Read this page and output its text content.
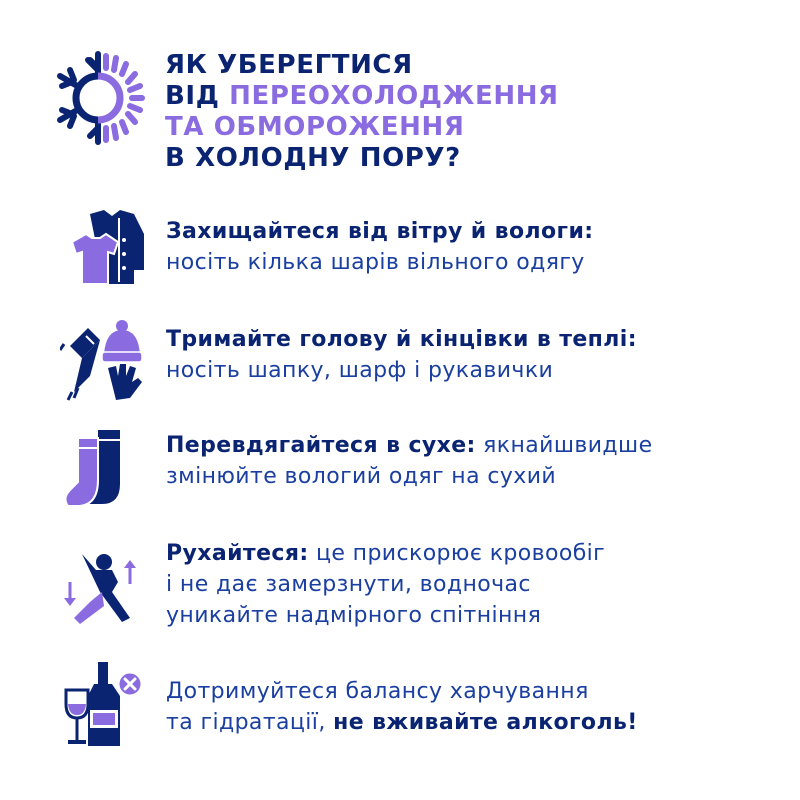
ЯК УБЕРЕГТИСЯ
ВІД ПЕРЕОХОЛОДЖЕННЯ
ТА ОБМОРОЖЕННЯ
В ХОЛОДНУ ПОРУ?

Захищайтеся від вітру й вологи:
носіть кілька шарів вільного одягу

Тримайте голову й кінцівки в теплі:
носіть шапку, шарф і рукавички

Перевдягайтеся в сухе: якнайшвидше
змінюйте вологий одяг на сухий

Рухайтеся: це прискорює кровообіг
і не дає замерзнути, водночас
уникайте надмірного спітніння

Дотримуйтеся балансу харчування
та гідратації, не вживайте алкоголь!
